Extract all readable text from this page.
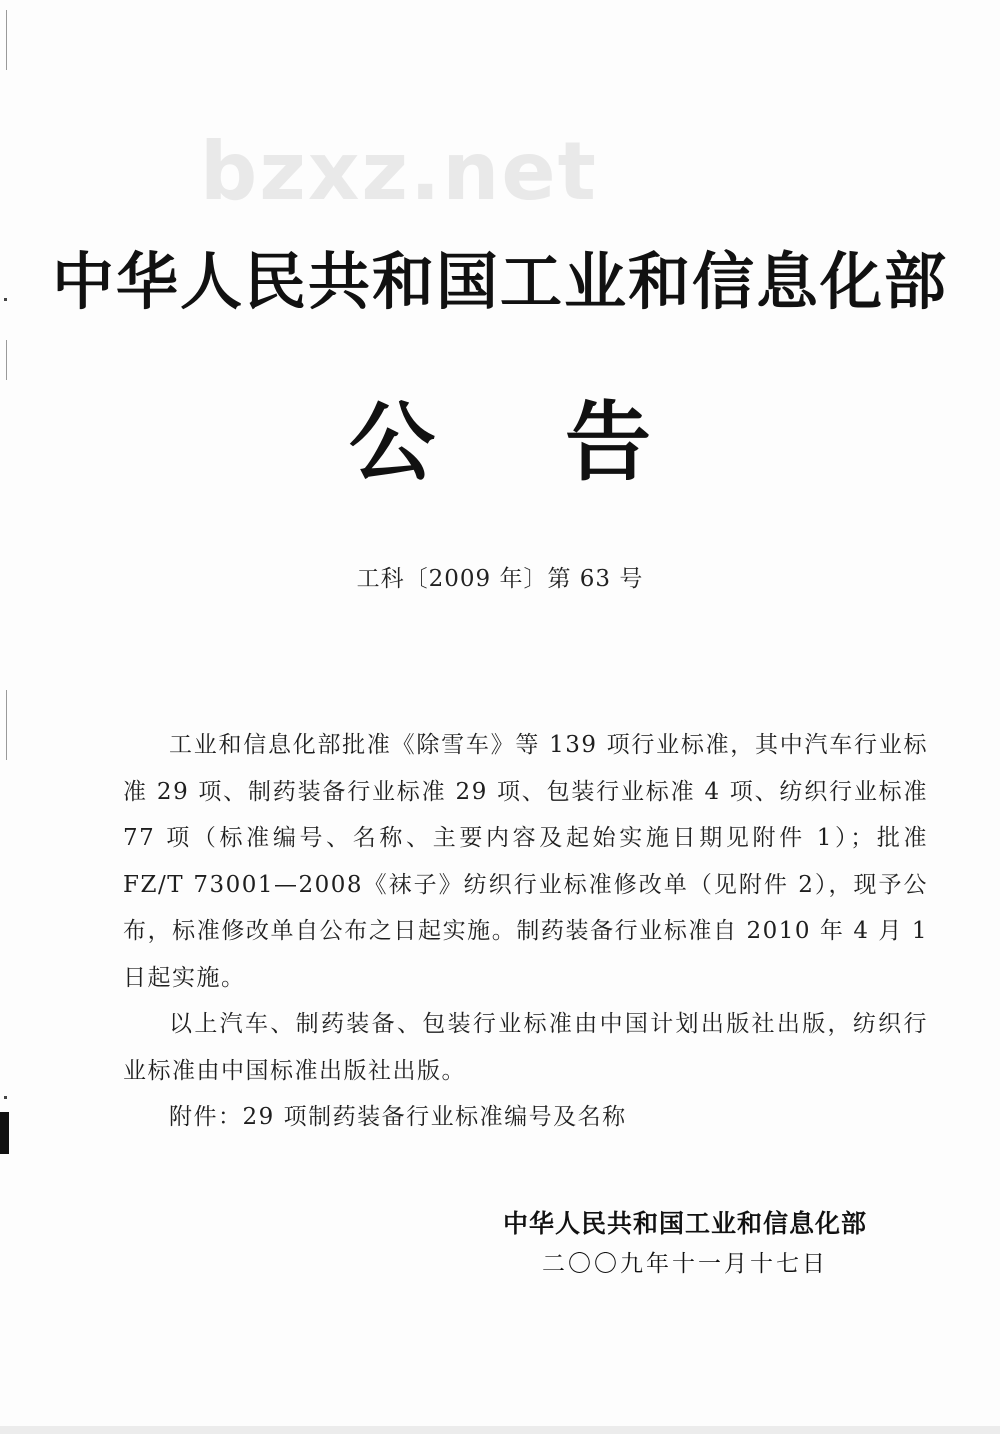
bzxz.net
中华人民共和国工业和信息化部
公告
工科〔2009 年〕第 63 号

工业和信息化部批准《除雪车》等 139 项行业标准，其中汽车行业标准 29 项、制药装备行业标准 29 项、包装行业标准 4 项、纺织行业标准 77 项（标准编号、名称、主要内容及起始实施日期见附件 1）；批准 FZ/T 73001—2008《袜子》纺织行业标准修改单（见附件 2），现予公布，标准修改单自公布之日起实施。制药装备行业标准自 2010 年 4 月 1 日起实施。

以上汽车、制药装备、包装行业标准由中国计划出版社出版，纺织行业标准由中国标准出版社出版。

附件：29 项制药装备行业标准编号及名称

中华人民共和国工业和信息化部
二〇〇九年十一月十七日
